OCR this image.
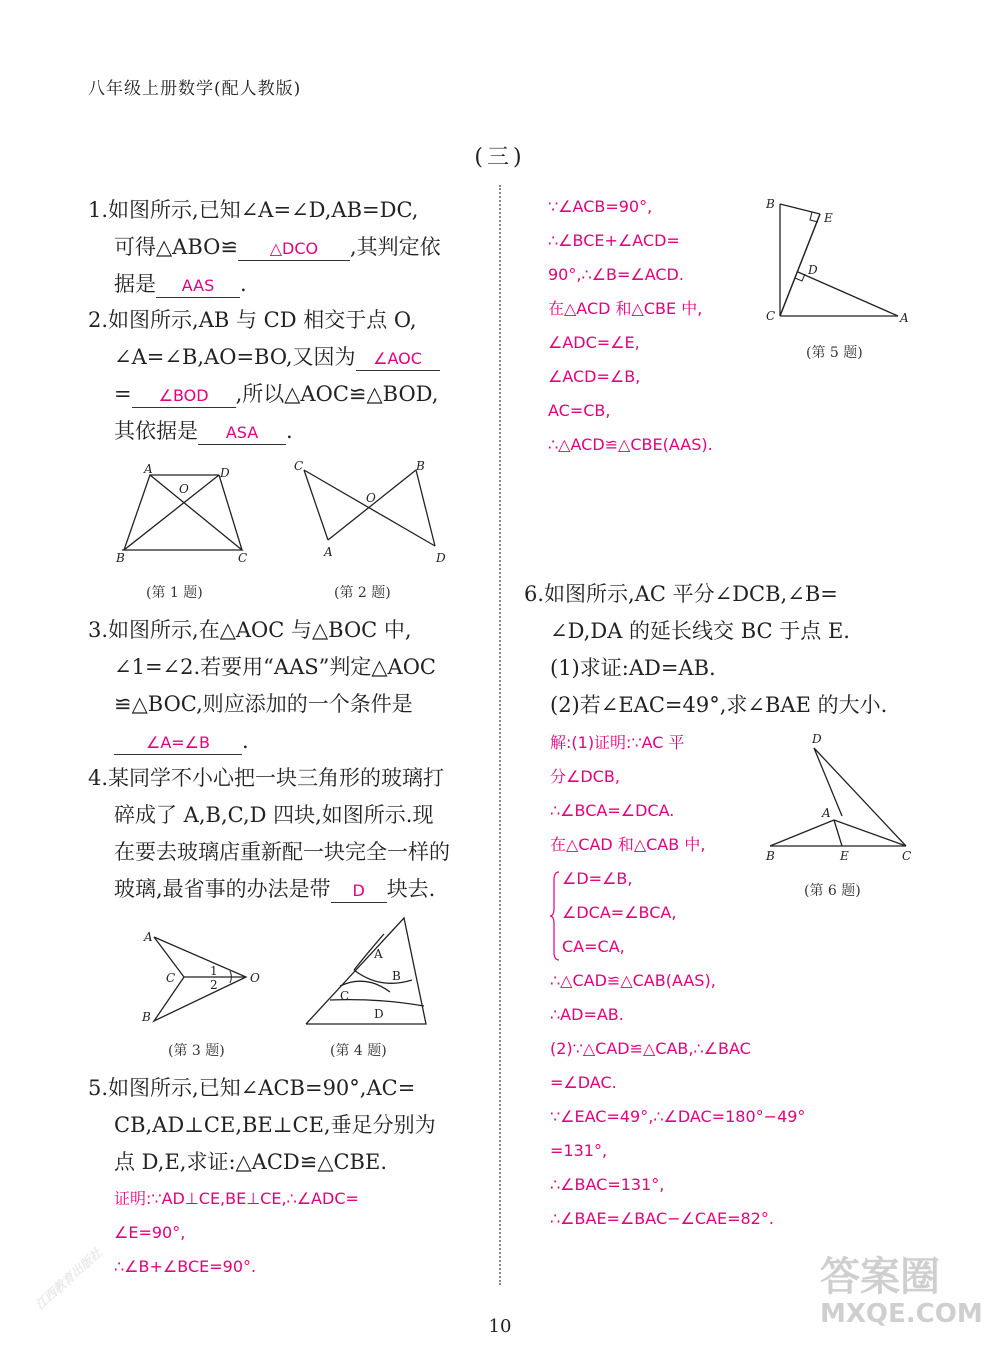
八年级上册数学(配人教版)
(三)

1.如图所示,已知∠A=∠D,AB=DC,

可得△ABO≌ △DCO ,其判定依

据是 AAS .

2.如图所示,AB 与 CD 相交于点 O,

∠A=∠B,AO=BO,又因为 ∠AOC

= ∠BOD ,所以△AOC≌△BOD,

其依据是 ASA .

A	D
O
B	C
(第 1 题)
C	B
O
A	D
(第 2 题)

3.如图所示,在△AOC 与△BOC 中,

∠1=∠2.若要用“AAS”判定△AOC

≌△BOC,则应添加的一个条件是

∠A=∠B .

4.某同学不小心把一块三角形的玻璃打

碎成了 A,B,C,D 四块,如图所示.现

在要去玻璃店重新配一块完全一样的

玻璃,最省事的办法是带 D 块去.

A
C	1
2	O
B
(第 3 题)
A
B
C
D
(第 4 题)

5.如图所示,已知∠ACB=90°,AC=

CB,AD⊥CE,BE⊥CE,垂足分别为

点 D,E,求证:△ACD≌△CBE.

证明:∵AD⊥CE,BE⊥CE,∴∠ADC=

∠E=90°,

∴∠B+∠BCE=90°.

∵∠ACB=90°,

∴∠BCE+∠ACD=

90°,∴∠B=∠ACD.

在△ACD 和△CBE 中,

∠ADC=∠E,

∠ACD=∠B,

AC=CB,

∴△ACD≌△CBE(AAS).

B
E
D
C	A
(第 5 题)

6.如图所示,AC 平分∠DCB,∠B=

∠D,DA 的延长线交 BC 于点 E.

(1)求证:AD=AB.

(2)若∠EAC=49°,求∠BAE 的大小.

解:(1)证明:∵AC 平

分∠DCB,

∴∠BCA=∠DCA.

在△CAD 和△CAB 中,

∠D=∠B,

∠DCA=∠BCA,

CA=CA,

∴△CAD≌△CAB(AAS),

∴AD=AB.

(2)∵△CAD≌△CAB,∴∠BAC

=∠DAC.

∵∠EAC=49°,∴∠DAC=180°−49°

=131°,

∴∠BAC=131°,

∴∠BAE=∠BAC−∠CAE=82°.

D
A
B	E	C
(第 6 题)
10
江西教育出版社	答案圈
MXQE.COM
